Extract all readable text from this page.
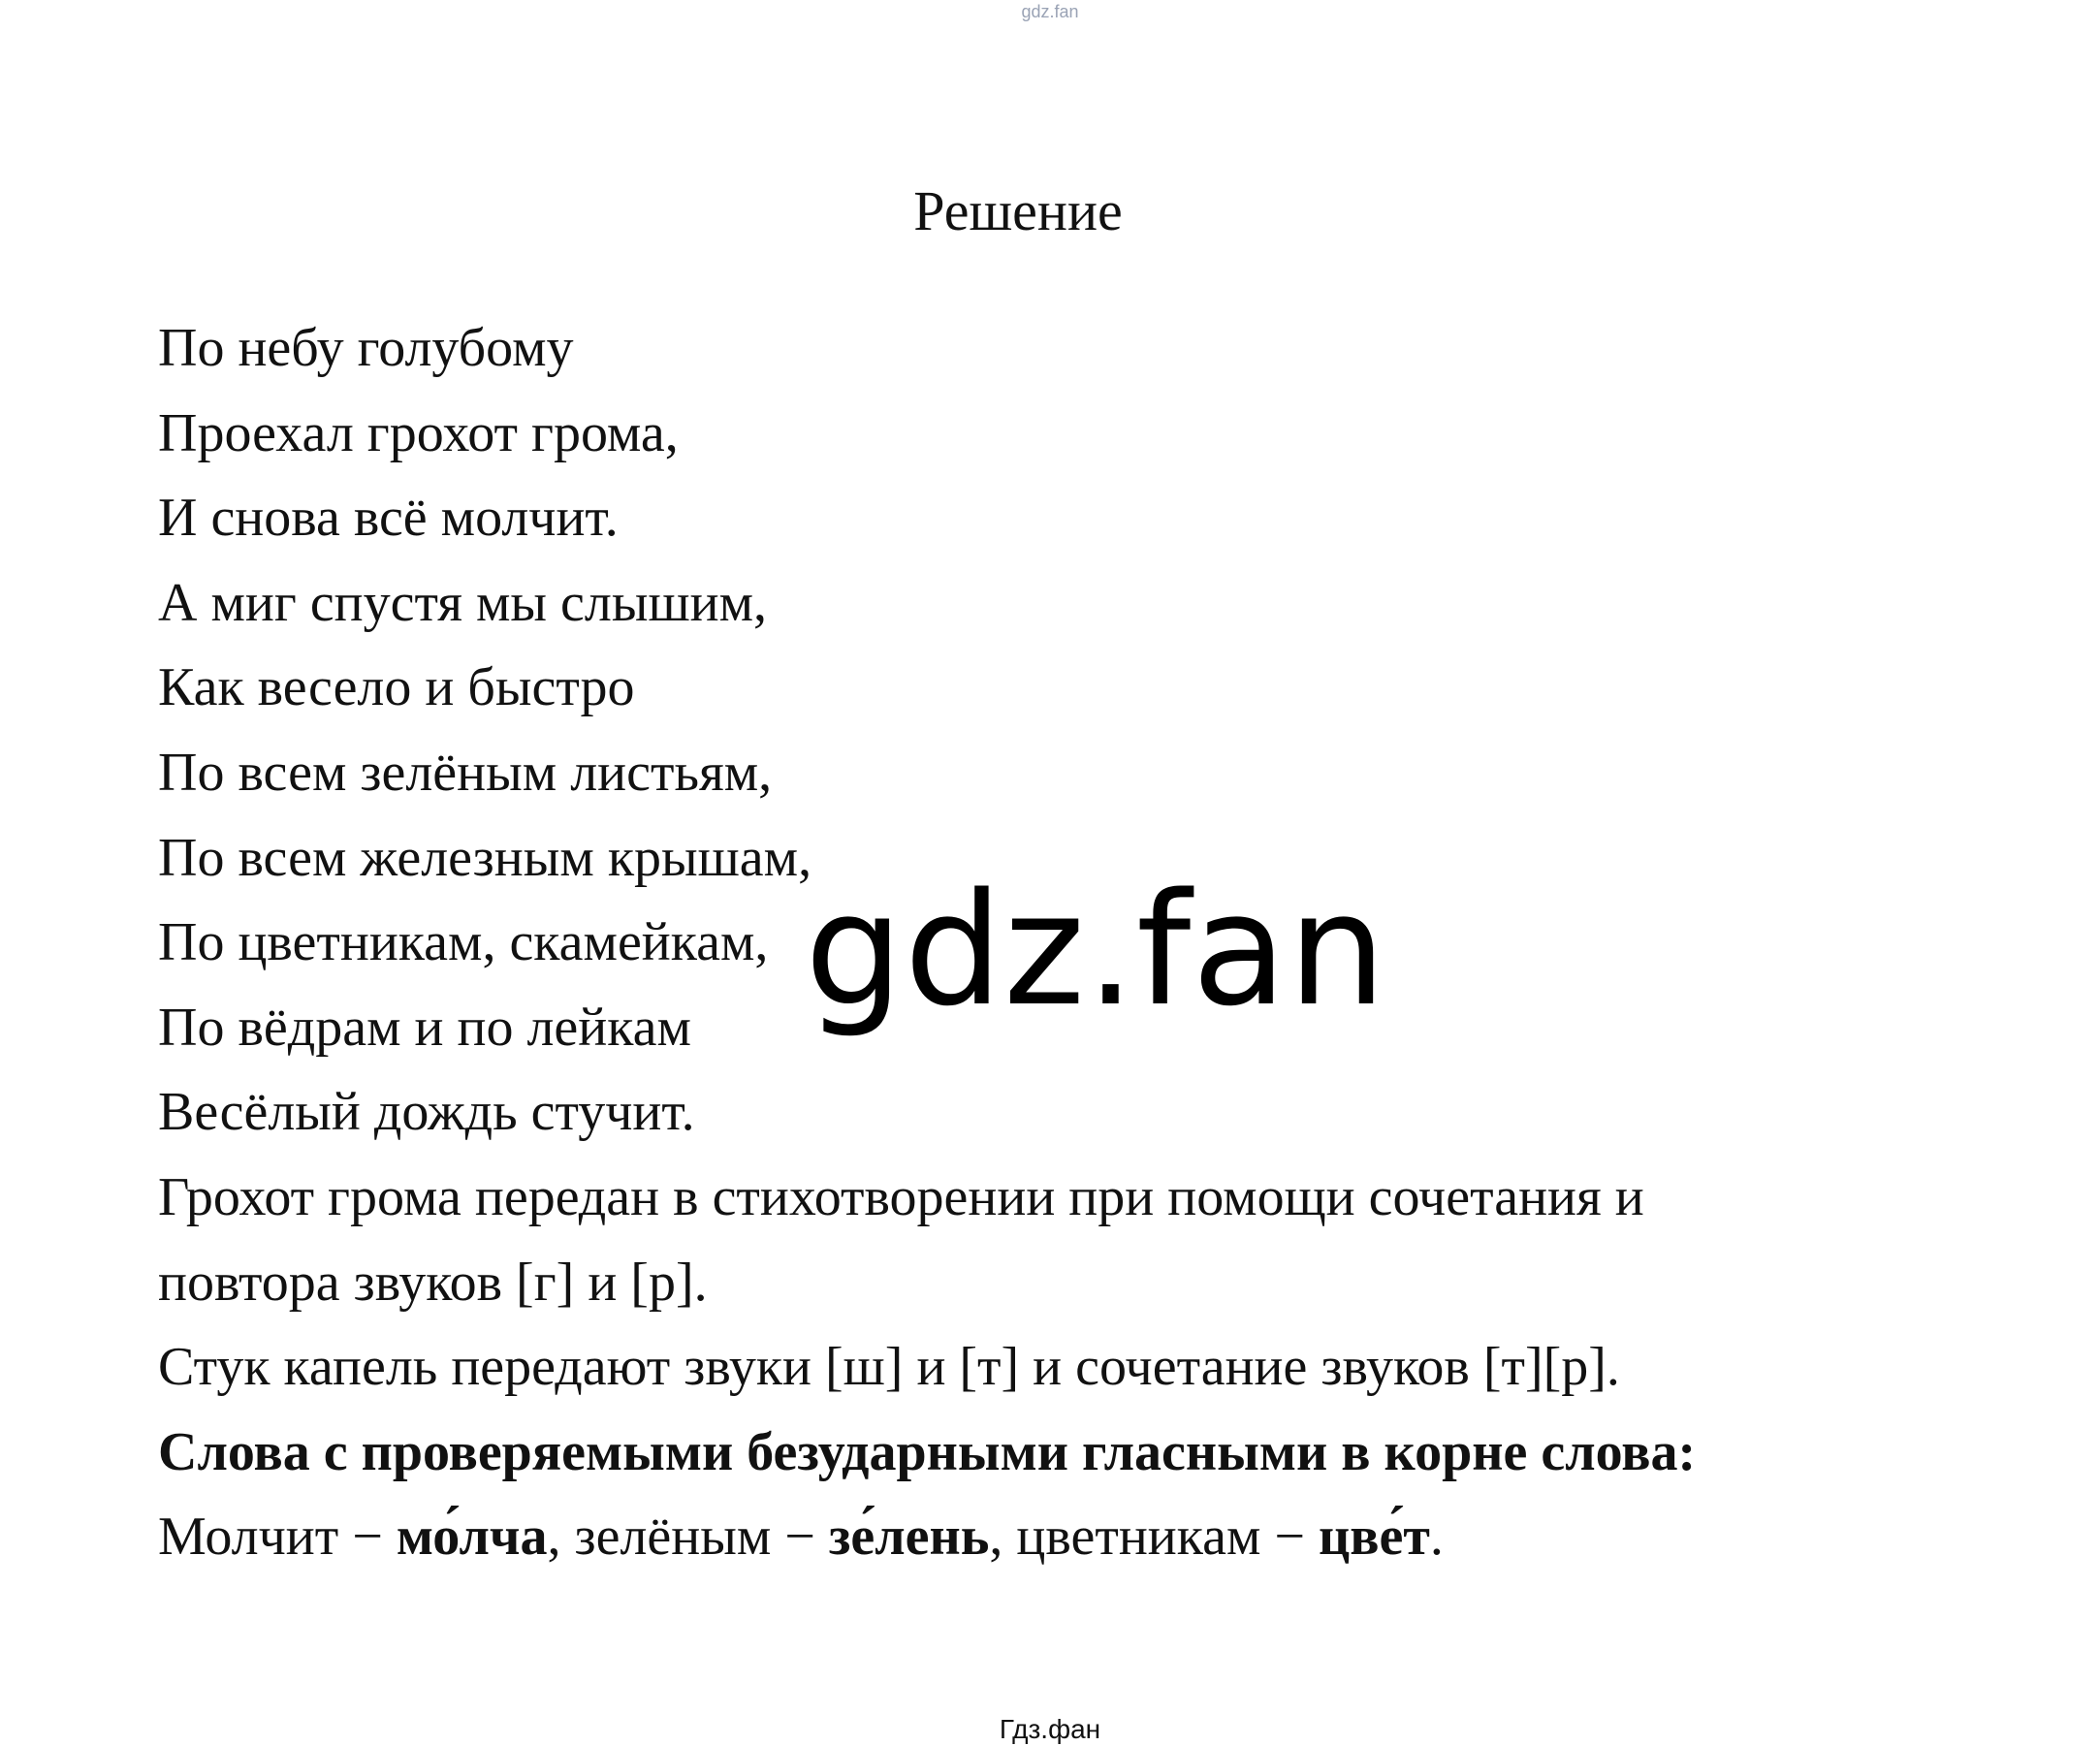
gdz.fan
Решение
По небу голубому
Проехал грохот грома,
И снова всё молчит.
А миг спустя мы слышим,
Как весело и быстро
По всем зелёным листьям,
По всем железным крышам,
По цветникам, скамейкам,
По вёдрам и по лейкам
Весёлый дождь стучит.
Грохот грома передан в стихотворении при помощи сочетания и
повтора звуков [г] и [р].
Стук капель передают звуки [ш] и [т] и сочетание звуков [т][р].
Слова с проверяемыми безударными гласными в корне слова:
Молчит − мо́лча, зелёным − зе́лень, цветникам − цве́т.
gdz.fan
Гдз.фан
